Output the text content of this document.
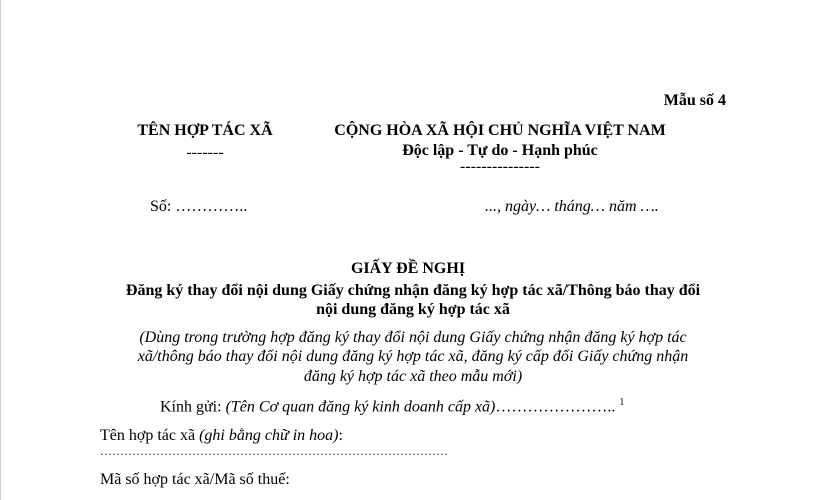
Mẫu số 4
TÊN HỢP TÁC XÃ
-------
CỘNG HÒA XÃ HỘI CHỦ NGHĨA VIỆT NAM
Độc lập - Tự do - Hạnh phúc
---------------
Số: …………..	..., ngày… tháng… năm ….
GIẤY ĐỀ NGHỊ
Đăng ký thay đổi nội dung Giấy chứng nhận đăng ký hợp tác xã/Thông báo thay đổi
nội dung đăng ký hợp tác xã
(Dùng trong trường hợp đăng ký thay đổi nội dung Giấy chứng nhận đăng ký hợp tác
xã/thông báo thay đổi nội dung đăng ký hợp tác xã, đăng ký cấp đổi Giấy chứng nhận
đăng ký hợp tác xã theo mẫu mới)
Kính gửi: (Tên Cơ quan đăng ký kinh doanh cấp xã)………………….. $^1$
Tên hợp tác xã (ghi bằng chữ in hoa):
……………………………………………………………………………
Mã số hợp tác xã/Mã số thuế:
